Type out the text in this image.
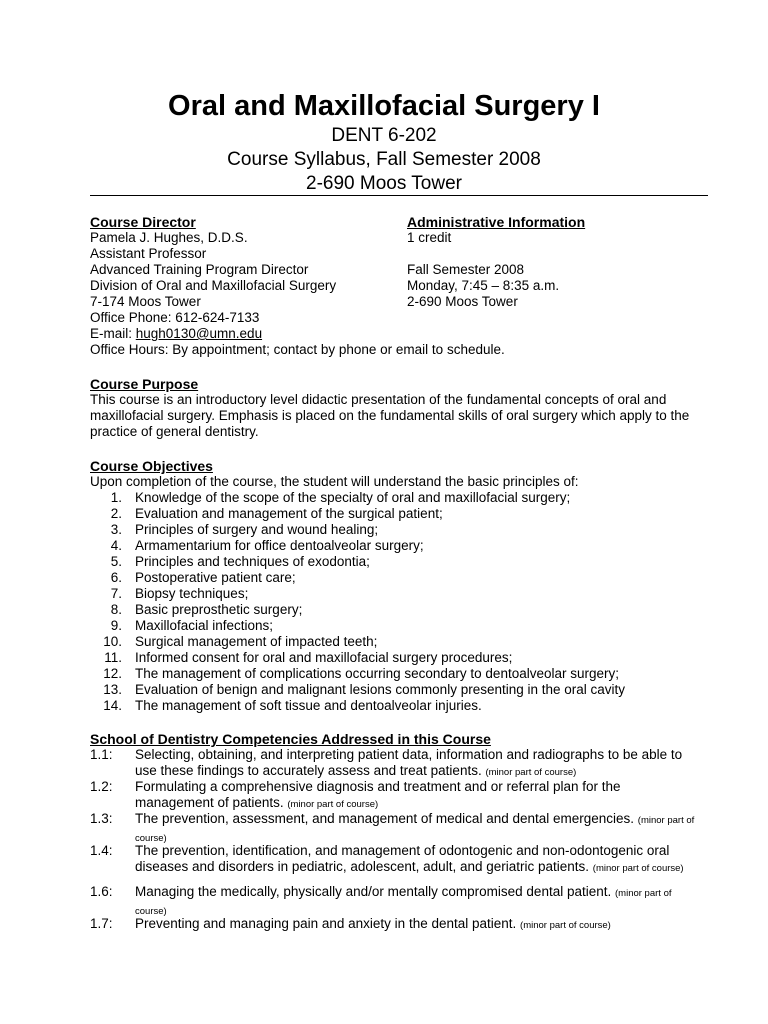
Oral and Maxillofacial Surgery I
DENT 6-202
Course Syllabus, Fall Semester 2008
2-690 Moos Tower
Course Director
Pamela J. Hughes, D.D.S.
Assistant Professor
Advanced Training Program Director
Division of Oral and Maxillofacial Surgery
7-174 Moos Tower
Office Phone: 612-624-7133
E-mail: hugh0130@umn.edu
Office Hours: By appointment; contact by phone or email to schedule.
Administrative Information
1 credit
Fall Semester 2008
Monday, 7:45 – 8:35 a.m.
2-690 Moos Tower
Course Purpose
This course is an introductory level didactic presentation of the fundamental concepts of oral and maxillofacial surgery. Emphasis is placed on the fundamental skills of oral surgery which apply to the practice of general dentistry.
Course Objectives
Upon completion of the course, the student will understand the basic principles of:
1. Knowledge of the scope of the specialty of oral and maxillofacial surgery;
2. Evaluation and management of the surgical patient;
3. Principles of surgery and wound healing;
4. Armamentarium for office dentoalveolar surgery;
5. Principles and techniques of exodontia;
6. Postoperative patient care;
7. Biopsy techniques;
8. Basic preprosthetic surgery;
9. Maxillofacial infections;
10. Surgical management of impacted teeth;
11. Informed consent for oral and maxillofacial surgery procedures;
12. The management of complications occurring secondary to dentoalveolar surgery;
13. Evaluation of benign and malignant lesions commonly presenting in the oral cavity
14. The management of soft tissue and dentoalveolar injuries.
School of Dentistry Competencies Addressed in this Course
1.1: Selecting, obtaining, and interpreting patient data, information and radiographs to be able to use these findings to accurately assess and treat patients. (minor part of course)
1.2: Formulating a comprehensive diagnosis and treatment and or referral plan for the management of patients. (minor part of course)
1.3: The prevention, assessment, and management of medical and dental emergencies. (minor part of course)
1.4: The prevention, identification, and management of odontogenic and non-odontogenic oral diseases and disorders in pediatric, adolescent, adult, and geriatric patients. (minor part of course)
1.6: Managing the medically, physically and/or mentally compromised dental patient. (minor part of course)
1.7: Preventing and managing pain and anxiety in the dental patient. (minor part of course)
